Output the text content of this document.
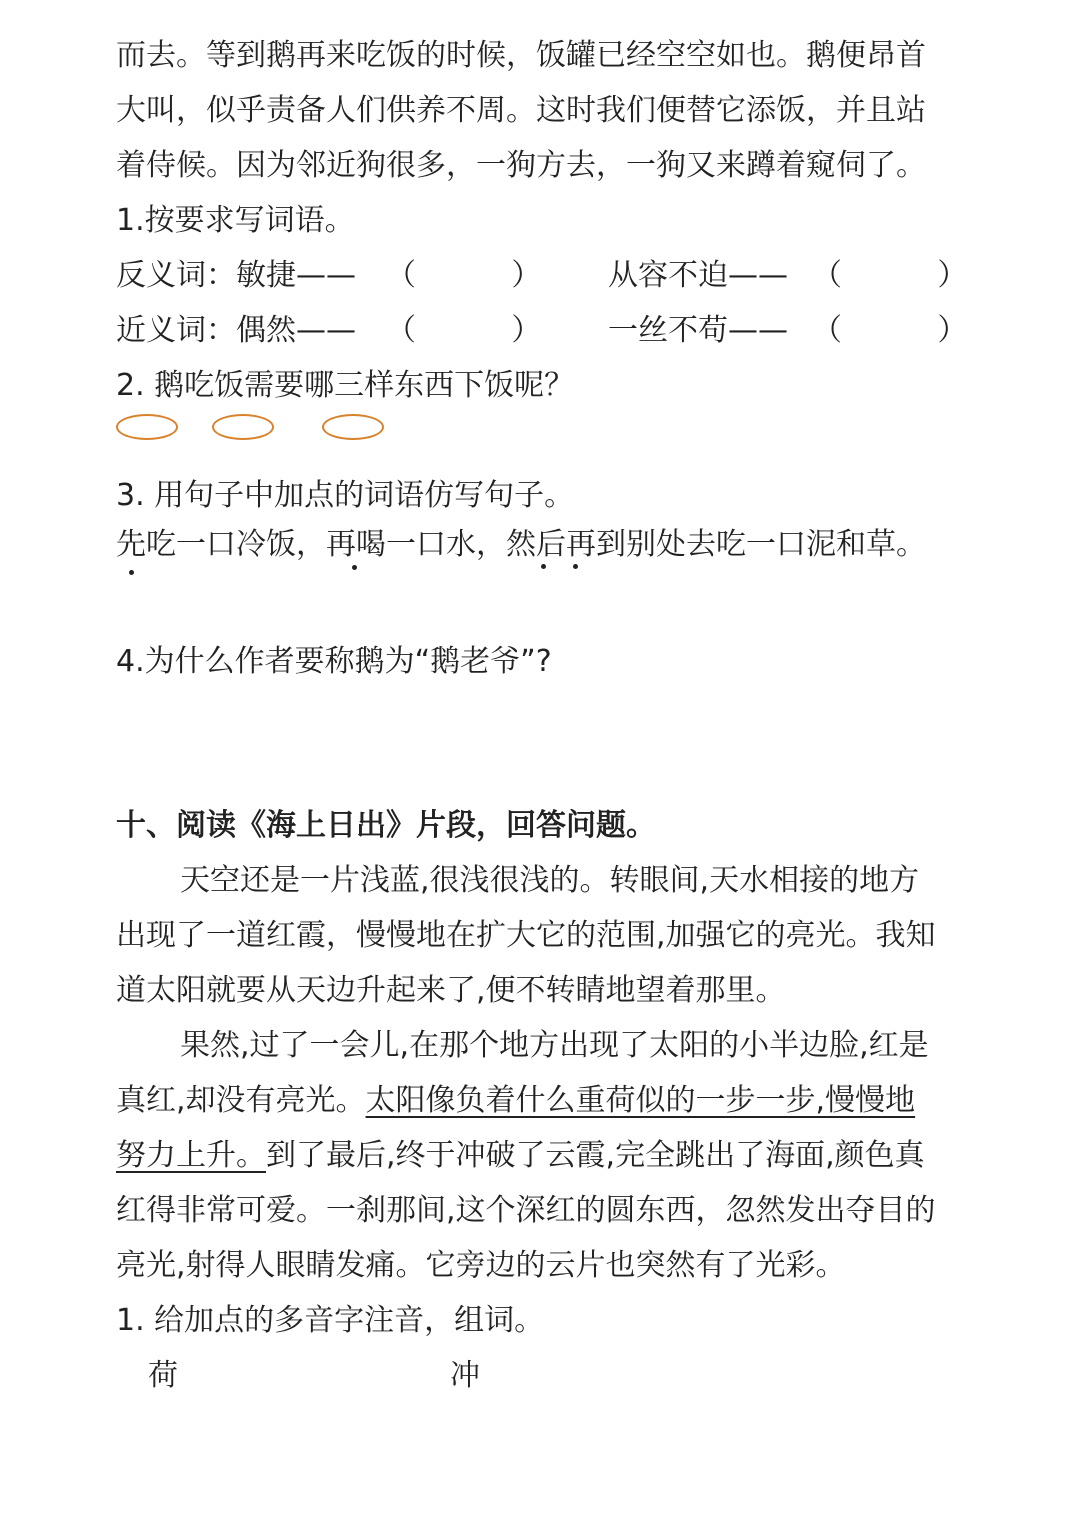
而去。等到鹅再来吃饭的时候，饭罐已经空空如也。鹅便昂首
大叫，似乎责备人们供养不周。这时我们便替它添饭，并且站
着侍候。因为邻近狗很多，一狗方去，一狗又来蹲着窥伺了。
1.按要求写词语。
反义词：敏捷—— （          ） 从容不迫—— （          ）
近义词：偶然—— （          ） 一丝不苟—— （          ）
2. 鹅吃饭需要哪三样东西下饭呢？
3. 用句子中加点的词语仿写句子。
先吃一口冷饭，再喝一口水，然后再到别处去吃一口泥和草。
4.为什么作者要称鹅为“鹅老爷”?
十、阅读《海上日出》片段，回答问题。
天空还是一片浅蓝,很浅很浅的。转眼间,天水相接的地方
出现了一道红霞，慢慢地在扩大它的范围,加强它的亮光。我知
道太阳就要从天边升起来了,便不转睛地望着那里。
果然,过了一会儿,在那个地方出现了太阳的小半边脸,红是
真红,却没有亮光。太阳像负着什么重荷似的一步一步,慢慢地
努力上升。到了最后,终于冲破了云霞,完全跳出了海面,颜色真
红得非常可爱。一刹那间,这个深红的圆东西，忽然发出夺目的
亮光,射得人眼睛发痛。它旁边的云片也突然有了光彩。
1. 给加点的多音字注音，组词。
荷	冲
